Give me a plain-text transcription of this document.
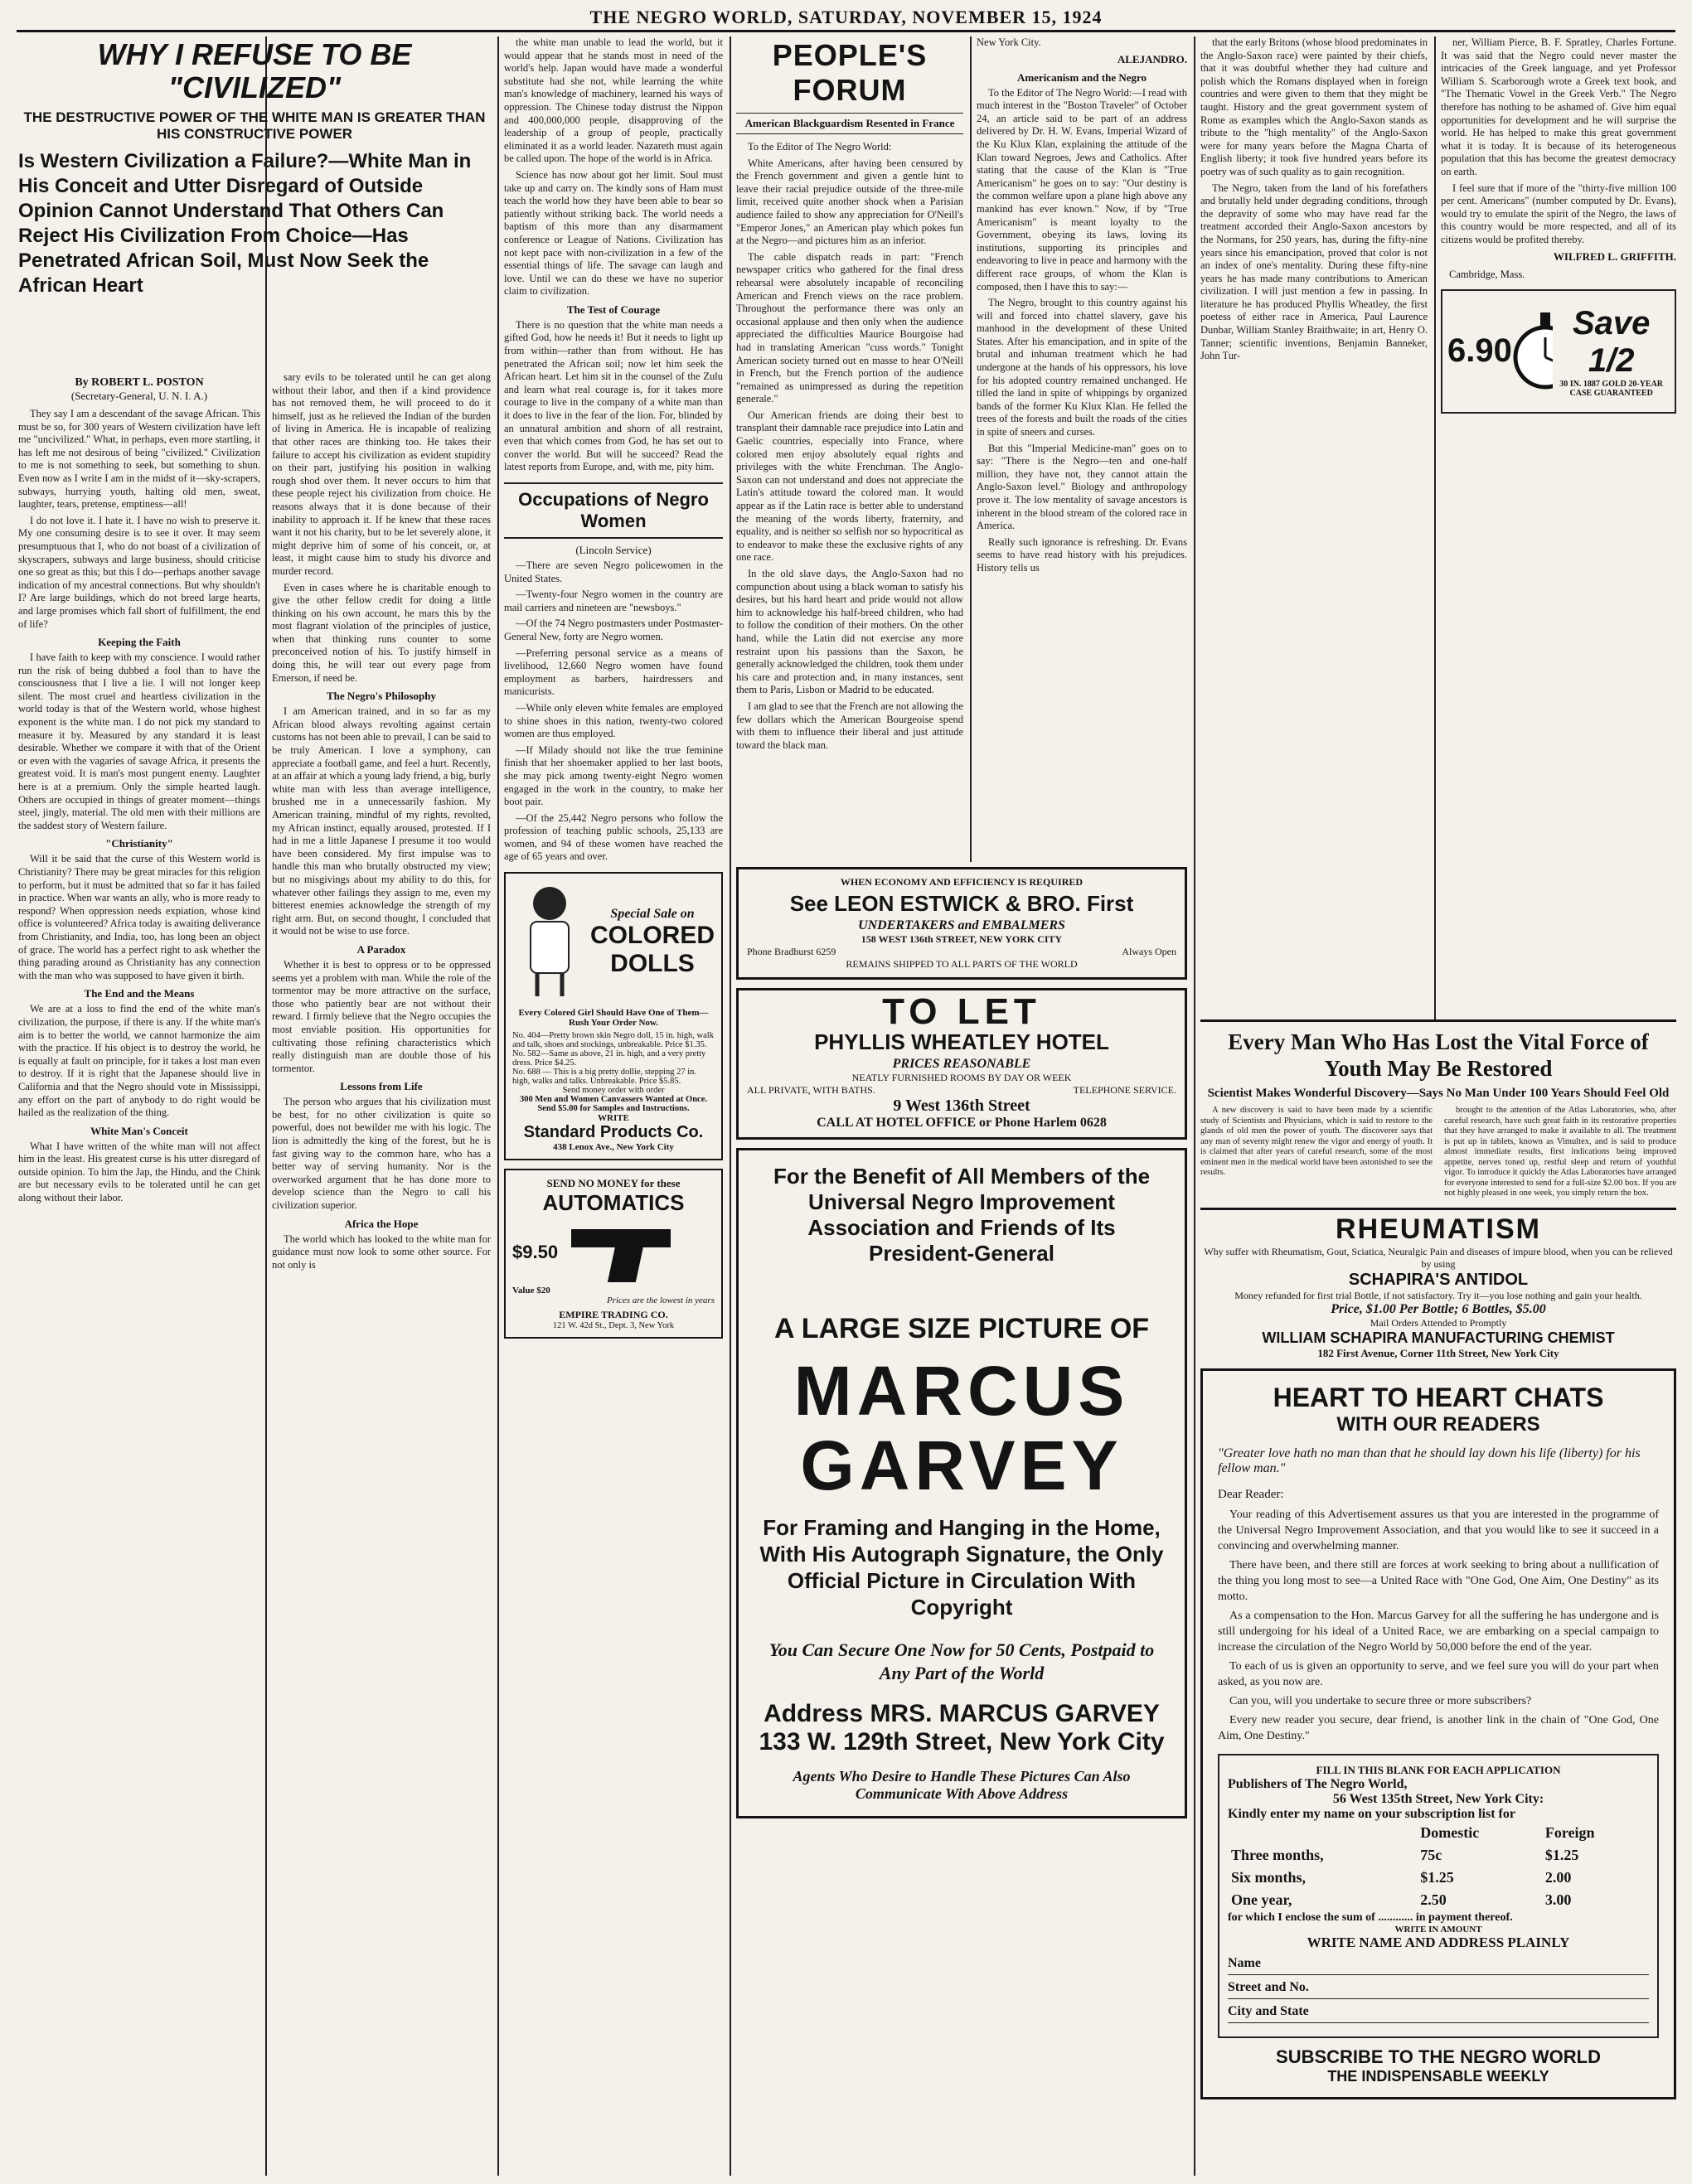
THE NEGRO WORLD, SATURDAY, NOVEMBER 15, 1924
WHY I REFUSE TO BE "CIVILIZED"
THE DESTRUCTIVE POWER OF THE WHITE MAN IS GREATER THAN HIS CONSTRUCTIVE POWER
Is Western Civilization a Failure?—White Man in His Conceit and Utter Disregard of Outside Opinion Cannot Understand That Others Can Reject His Civilization From Choice—Has Penetrated African Soil, Must Now Seek the African Heart
By ROBERT L. POSTON
(Secretary-General, U. N. I. A.)

They say I am a descendant of the savage African. This must be so, for 300 years of Western civilization have left me "uncivilized." What, in perhaps, even more startling, it has left me not desirous of being "civilized." Civilization to me is not something to seek, but something to shun. Even now as I write I am in the midst of it—sky-scrapers, subways, hurrying youth, halting old men, sweat, laughter, tears, pretense, emptiness—all!

I do not love it. I hate it. I have no wish to preserve it. My one consuming desire is to see it over. It may seem presumptuous that I, who do not boast of a civilization of skyscrapers, subways and large business, should criticise one so great as this; but this I do—perhaps another savage indication of my ancestral connections. But why shouldn't I? Are large buildings, which do not breed large hearts, and large promises which fall short of fulfillment, the end of life?

Keeping the Faith

I have faith to keep with my conscience. I would rather run the risk of being dubbed a fool than to have the consciousness that I live a lie. I will not longer keep silent. The most cruel and heartless civilization in the world today is that of the Western world, whose highest exponent is the white man. I do not pick my standard to measure it by. Measured by any standard it is least desirable. Whether we compare it with that of the Orient or even with the vagaries of savage Africa, it presents the greatest void. It is man's most pungent enemy. Laughter here is at a premium. Only the simple hearted laugh. Others are occupied in things of greater moment—things steel, jingly, material. The old men with their millions are the saddest story of Western failure.

"Christianity"

Will it be said that the curse of this Western world is Christianity? There may be great miracles for this religion to perform, but it must be admitted that so far it has failed in practice. When war wants an ally, who is more ready to respond? When oppression needs expiation, whose kind office is volunteered? Africa today is awaiting deliverance from Christianity, and India, too, has long been an object of grace. The world has a perfect right to ask whether the thing parading around as Christianity has any connection with the man who was supposed to have given it birth.

The End and the Means

We are at a loss to find the end of the white man's civilization, the purpose, if there is any. If the white man's aim is to better the world, we cannot harmonize the aim with the practice. If his object is to destroy the world, he is equally at fault on principle, for it takes a lost man even to destroy. If it is right that the Japanese should live in California and that the Negro should vote in Mississippi, any effort on the part of anybody to do right would be hailed as the realization of the thing.

White Man's Conceit

What I have written of the white man will not affect him in the least. His greatest curse is his utter disregard of outside opinion. To him the Jap, the Hindu, and the Chink are but necessary evils to be tolerated until he can get along without their labor.

sary evils to be tolerated until he can get along without their labor, and then if a kind providence has not removed them, he will proceed to do it himself, just as he relieved the Indian of the burden of living in America. He is incapable of realizing that other races are thinking too. He takes their failure to accept his civilization as evident stupidity on their part, justifying his position in walking rough shod over them. It never occurs to him that these people reject his civilization from choice. He reasons always that it is done because of their inability to approach it. If he knew that these races want it not his charity, but to be let severely alone, it might deprive him of some of his conceit, or, at least, it might cause him to study his divorce and murder record.

Even in cases where he is charitable enough to give the other fellow credit for doing a little thinking on his own account, he mars this by the most flagrant violation of the principles of justice, when that thinking runs counter to some preconceived notion of his. To justify himself in doing this, he will tear out every page from Emerson, if need be.

The Negro's Philosophy

I am American trained, and in so far as my African blood always revolting against certain customs has not been able to prevail, I can be said to be truly American. I love a symphony, can appreciate a football game, and feel a hurt. Recently, at an affair at which a young lady friend, a big, burly white man with less than average intelligence, brushed me in a unnecessarily fashion. My American training, mindful of my rights, revolted, my African instinct, equally aroused, protested. If I had in me a little Japanese I presume it too would have been considered. My first impulse was to handle this man who brutally obstructed my view; but no misgivings about my ability to do this, for whatever other failings they assign to me, even my bitterest enemies acknowledge the strength of my right arm. But, on second thought, I concluded that it would not be wise to use force.

A Paradox

Whether it is best to oppress or to be oppressed seems yet a problem with man. While the role of the tormentor may be more attractive on the surface, those who patiently bear are not without their reward. I firmly believe that the Negro occupies the most enviable position. His opportunities for cultivating those refining characteristics which really distinguish man are double those of his tormentor.

Lessons from Life

The person who argues that his civilization must be best, for no other civilization is quite so powerful, does not bewilder me with his logic. The lion is admittedly the king of the forest, but he is fast giving way to the common hare, who has a better way of serving humanity. Nor is the overworked argument that he has done more to develop science than the Negro to call his civilization superior.

Africa the Hope

The world which has looked to the white man for guidance must now look to some other source. For not only is

the white man unable to lead the world, but it would appear that he stands most in need of the world's help. Japan would have made a wonderful substitute had she not, while learning the white man's knowledge of machinery, learned his ways of oppression. The Chinese today distrust the Nippon and 400,000,000 people, disapproving of the leadership of a group of people, practically eliminated it as a world leader. Nazareth must again be called upon. The hope of the world is in Africa.

Science has now about got her limit. Soul must take up and carry on. The kindly sons of Ham must teach the world how they have been able to bear so patiently without striking back. The world needs a baptism of this more than any disarmament conference or League of Nations. Civilization has not kept pace with non-civilization in a few of the essential things of life. The savage can laugh and love. Until we can do these we have no superior claim to civilization.

The Test of Courage

There is no question that the white man needs a gifted God, how he needs it! But it needs to light up from within—rather than from without. He has penetrated the African soil; now let him seek the African heart. Let him sit in the counsel of the Zulu and learn what real courage is, for it takes more courage to live in the company of a white man than it does to live in the fear of the lion. For, blinded by an unnatural ambition and shorn of all restraint, even that which comes from God, he has set out to conver the world. But will he succeed? Read the latest reports from Europe, and, with me, pity him.

Occupations of Negro Women
(Lincoln Service)

—There are seven Negro policewomen in the United States.

—Twenty-four Negro women in the country are mail carriers and nineteen are "newsboys."

—Of the 74 Negro postmasters under Postmaster-General New, forty are Negro women.

—Preferring personal service as a means of livelihood, 12,660 Negro women have found employment as barbers, hairdressers and manicurists.

—While only eleven white females are employed to shine shoes in this nation, twenty-two colored women are thus employed.

—If Milady should not like the true feminine finish that her shoemaker applied to her last boots, she may pick among twenty-eight Negro women engaged in the work in the country, to make her boot pair.

—Of the 25,442 Negro persons who follow the profession of teaching public schools, 25,133 are women, and 94 of these women have reached the age of 65 years and over.

Special Sale on
COLORED
DOLLS
Every Colored Girl Should Have One of Them—Rush Your Order Now.
No. 404—Pretty brown skin Negro doll, 15 in. high, walk and talk, shoes and stockings, unbreakable. Price $1.35.
No. 582—Same as above, 21 in. high, and a very pretty dress. Price $4.25.
No. 688 — This is a big pretty dollie, stepping 27 in. high, walks and talks. Unbreakable. Price $5.85.
Send money order with order
300 Men and Women Canvassers Wanted at Once. Send $5.00 for Samples and Instructions.
WRITE
Standard Products Co.
438 Lenox Ave., New York City
SEND NO MONEY for these
AUTOMATICS
$9.50
Value $20
Prices are the lowest in years
EMPIRE TRADING CO.
121 W. 42d St., Dept. 3, New York
PEOPLE'S FORUM
American Blackguardism Resented in France

To the Editor of The Negro World:

White Americans, after having been censured by the French government and given a gentle hint to leave their racial prejudice outside of the three-mile limit, received quite another shock when a Parisian audience failed to show any appreciation for O'Neill's "Emperor Jones," an American play which pokes fun at the Negro—and pictures him as an inferior.

The cable dispatch reads in part: "French newspaper critics who gathered for the final dress rehearsal were absolutely incapable of reconciling American and French views on the race problem. Throughout the performance there was only an occasional applause and then only when the audience appreciated the difficulties Maurice Bourgoise had had in translating American "cuss words." Tonight American society turned out en masse to hear O'Neill in French, but the French portion of the audience "remained as unimpressed as during the repetition generale."

Our American friends are doing their best to transplant their damnable race prejudice into Latin and Gaelic countries, especially into France, where colored men enjoy absolutely equal rights and privileges with the white Frenchman. The Anglo-Saxon can not understand and does not appreciate the Latin's attitude toward the colored man. It would appear as if the Latin race is better able to understand the meaning of the words liberty, fraternity, and equality, and is neither so selfish nor so hypocritical as to endeavor to make these the exclusive rights of any one race.

In the old slave days, the Anglo-Saxon had no compunction about using a black woman to satisfy his desires, but his hard heart and pride would not allow him to acknowledge his half-breed children, who had to follow the condition of their mothers. On the other hand, while the Latin did not exercise any more restraint upon his passions than the Saxon, he generally acknowledged the children, took them under his care and protection and, in many instances, sent them to Paris, Lisbon or Madrid to be educated.

I am glad to see that the French are not allowing the few dollars which the American Bourgeoise spend with them to influence their liberal and just attitude toward the black man.

New York City.

ALEJANDRO.
Americanism and the Negro

To the Editor of The Negro World:—I read with much interest in the "Boston Traveler" of October 24, an article said to be part of an address delivered by Dr. H. W. Evans, Imperial Wizard of the Ku Klux Klan, explaining the attitude of the Klan toward Negroes, Jews and Catholics. After stating that the cause of the Klan is "True Americanism" he goes on to say: "Our destiny is the common welfare upon a plane high above any mankind has ever known." Now, if by "True Americanism" is meant loyalty to the Government, obeying its laws, loving its institutions, supporting its principles and endeavoring to live in peace and harmony with the different race groups, of whom the Klan is composed, then I have this to say:—

The Negro, brought to this country against his will and forced into chattel slavery, gave his manhood in the development of these United States. After his emancipation, and in spite of the brutal and inhuman treatment which he had undergone at the hands of his oppressors, his love for his adopted country remained unchanged. He tilled the land in spite of whippings by organized bands of the former Ku Klux Klan. He felled the trees of the forests and built the roads of the cities in spite of sneers and curses.

But this "Imperial Medicine-man" goes on to say: "There is the Negro—ten and one-half million, they have not, they cannot attain the Anglo-Saxon level." Biology and anthropology prove it. The low mentality of savage ancestors is inherent in the blood stream of the colored race in America.

Really such ignorance is refreshing. Dr. Evans seems to have read history with his prejudices. History tells us

that the early Britons (whose blood predominates in the Anglo-Saxon race) were painted by their chiefs, that it was doubtful whether they had culture and polish which the Romans displayed when in foreign countries and were given to them that they might be taught. History and the great government system of Rome as examples which the Anglo-Saxon stands as tribute to the "high mentality" of the Anglo-Saxon were for many years before the Magna Charta of English liberty; it took five hundred years before its poetry was of such quality as to gain recognition.

The Negro, taken from the land of his forefathers and brutally held under degrading conditions, through the depravity of some who may have read far the treatment accorded their Anglo-Saxon ancestors by the Normans, for 250 years, has, during the fifty-nine years since his emancipation, proved that color is not an index of one's mentality. During these fifty-nine years he has made many contributions to American civilization. I will just mention a few in passing. In literature he has produced Phyllis Wheatley, the first poetess of either race in America, Paul Laurence Dunbar, William Stanley Braithwaite; in art, Henry O. Tanner; scientific inventions, Benjamin Banneker, John Tur-

ner, William Pierce, B. F. Spratley, Charles Fortune. It was said that the Negro could never master the intricacies of the Greek language, and yet Professor William S. Scarborough wrote a Greek text book, and "The Thematic Vowel in the Greek Verb." The Negro therefore has nothing to be ashamed of. Give him equal opportunities for development and he will surprise the world. He has helped to make this great government what it is today. It is because of its heterogeneous population that this has become the greatest democracy on earth.

I feel sure that if more of the "thirty-five million 100 per cent. Americans" (number computed by Dr. Evans), would try to emulate the spirit of the Negro, the laws of this country would be more respected, and all of its citizens would be profited thereby.

WILFRED L. GRIFFITH.
Cambridge, Mass.
6.90
Save 1/2
30 IN. 1887 GOLD 20-YEAR CASE GUARANTEED
Every Man Who Has Lost the Vital Force of Youth May Be Restored
Scientist Makes Wonderful Discovery—Says No Man Under 100 Years Should Feel Old

A new discovery is said to have been made by a scientific study of Scientists and Physicians, which is said to restore to the glands of old men the power of youth. The discoverer says that any man of seventy might renew the vigor and energy of youth. It is claimed that after years of careful research, some of the most eminent men in the medical world have been astonished to see the results.

brought to the attention of the Atlas Laboratories, who, after careful research, have such great faith in its restorative properties that they have arranged to make it available to all. The treatment is put up in tablets, known as Vimultex, and is said to produce almost immediate results, first indications being improved appetite, nerves toned up, restful sleep and return of youthful vigor. To introduce it quickly the Atlas Laboratories have arranged for everyone interested to send for a full-size $2.00 box. If you are not highly pleased in one week, you simply return the box.

RHEUMATISM
Why suffer with Rheumatism, Gout, Sciatica, Neuralgic Pain and diseases of impure blood, when you can be relieved by using
SCHAPIRA'S ANTIDOL
Money refunded for first trial Bottle, if not satisfactory. Try it—you lose nothing and gain your health.
Price, $1.00 Per Bottle; 6 Bottles, $5.00
Mail Orders Attended to Promptly
WILLIAM SCHAPIRA MANUFACTURING CHEMIST
182 First Avenue, Corner 11th Street, New York City
HEART TO HEART CHATS
WITH OUR READERS
"Greater love hath no man than that he should lay down his life (liberty) for his fellow man."
Dear Reader:

Your reading of this Advertisement assures us that you are interested in the programme of the Universal Negro Improvement Association, and that you would like to see it succeed in a convincing and overwhelming manner.

There have been, and there still are forces at work seeking to bring about a nullification of the thing you long most to see—a United Race with "One God, One Aim, One Destiny" as its motto.

As a compensation to the Hon. Marcus Garvey for all the suffering he has undergone and is still undergoing for his ideal of a United Race, we are embarking on a special campaign to increase the circulation of the Negro World by 50,000 before the end of the year.

To each of us is given an opportunity to serve, and we feel sure you will do your part when asked, as you now are.

Can you, will you undertake to secure three or more subscribers?

Every new reader you secure, dear friend, is another link in the chain of "One God, One Aim, One Destiny."

FILL IN THIS BLANK FOR EACH APPLICATION
Publishers of The Negro World,
56 West 135th Street, New York City:
Kindly enter my name on your subscription list for
	Domestic	Foreign
Three months,	75c	$1.25
Six months,	$1.25	2.00
One year,	2.50	3.00
for which I enclose the sum of ............ in payment thereof.
WRITE IN AMOUNT
WRITE NAME AND ADDRESS PLAINLY
Name
Street and No.
City and State
SUBSCRIBE TO THE NEGRO WORLD
THE INDISPENSABLE WEEKLY
WHEN ECONOMY AND EFFICIENCY IS REQUIRED
See LEON ESTWICK & BRO. First
UNDERTAKERS and EMBALMERS
158 WEST 136th STREET, NEW YORK CITY
Phone Bradhurst 6259	Always Open
REMAINS SHIPPED TO ALL PARTS OF THE WORLD
TO LET
PHYLLIS WHEATLEY HOTEL
PRICES REASONABLE
NEATLY FURNISHED ROOMS BY DAY OR WEEK
ALL PRIVATE, WITH BATHS.	TELEPHONE SERVICE.
9 West 136th Street
CALL AT HOTEL OFFICE or Phone Harlem 0628
For the Benefit of All Members of the Universal Negro Improvement Association and Friends of Its President-General
A LARGE SIZE PICTURE OF
MARCUS
GARVEY
For Framing and Hanging in the Home, With His Autograph Signature, the Only Official Picture in Circulation With Copyright
You Can Secure One Now for 50 Cents, Postpaid to Any Part of the World
Address MRS. MARCUS GARVEY
133 W. 129th Street, New York City
Agents Who Desire to Handle These Pictures Can Also Communicate With Above Address
